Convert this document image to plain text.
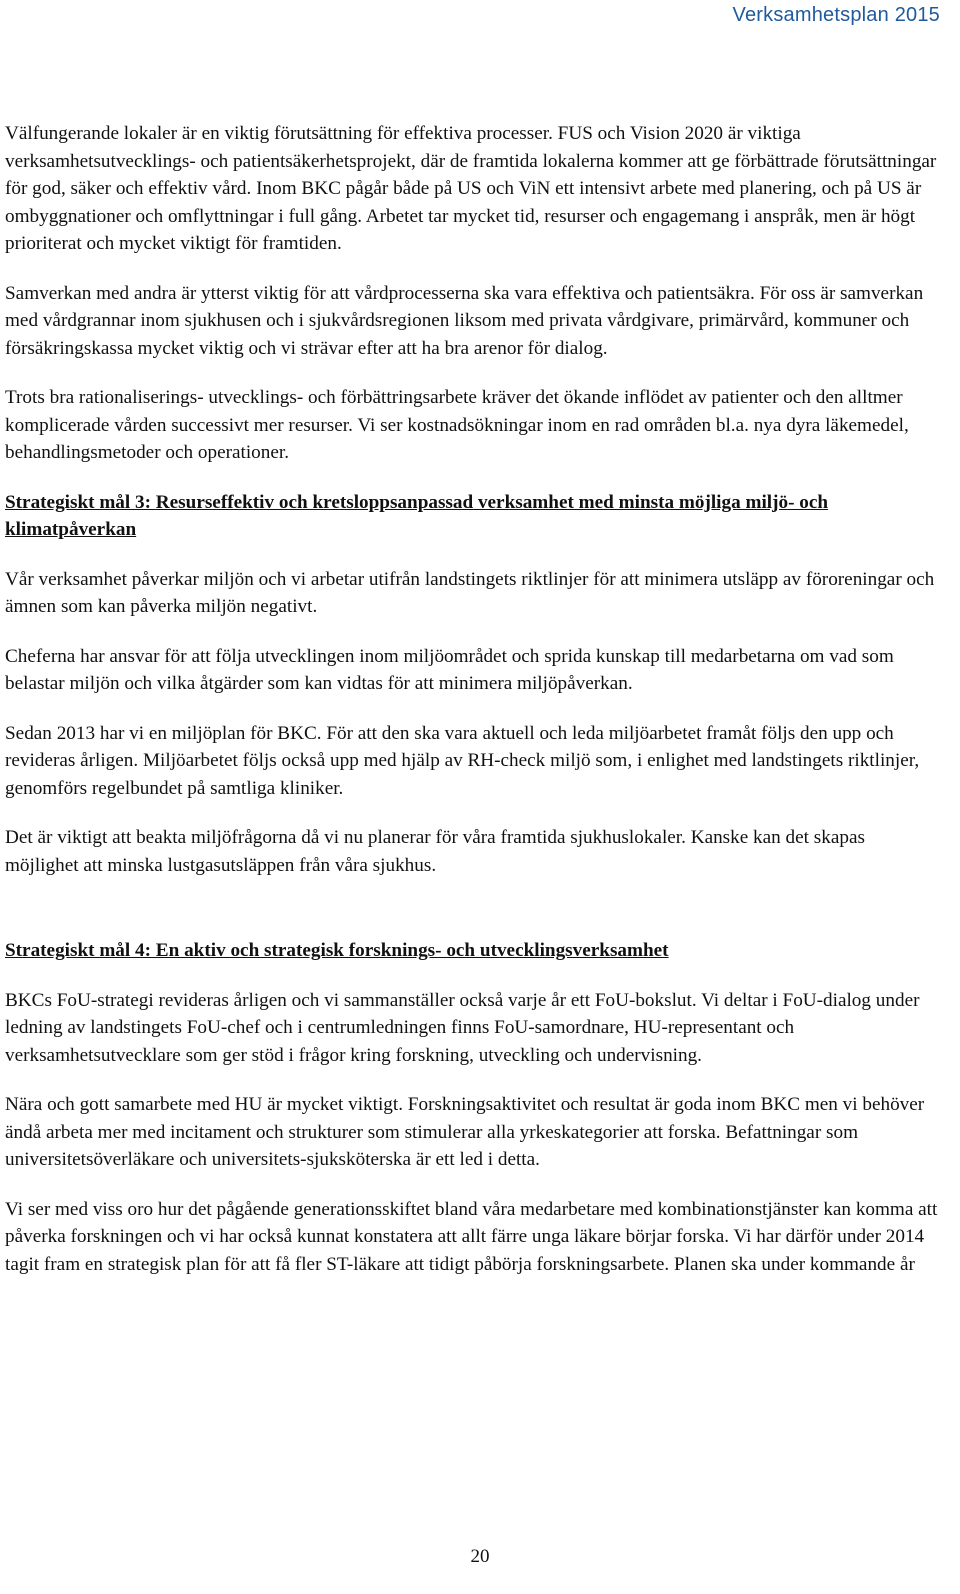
Verksamhetsplan 2015

Välfungerande lokaler är en viktig förutsättning för effektiva processer. FUS och Vision 2020 är viktiga verksamhetsutvecklings- och patientsäkerhetsprojekt, där de framtida lokalerna kommer att ge förbättrade förutsättningar för god, säker och effektiv vård. Inom BKC pågår både på US och ViN ett intensivt arbete med planering, och på US är ombyggnationer och omflyttningar i full gång. Arbetet tar mycket tid, resurser och engagemang i anspråk, men är högt prioriterat och mycket viktigt för framtiden.

Samverkan med andra är ytterst viktig för att vårdprocesserna ska vara effektiva och patientsäkra. För oss är samverkan med vårdgrannar inom sjukhusen och i sjukvårdsregionen liksom med privata vårdgivare, primärvård, kommuner och försäkringskassa mycket viktig och vi strävar efter att ha bra arenor för dialog.

Trots bra rationaliserings- utvecklings- och förbättringsarbete kräver det ökande inflödet av patienter och den alltmer komplicerade vården successivt mer resurser. Vi ser kostnadsökningar inom en rad områden bl.a. nya dyra läkemedel, behandlingsmetoder och operationer.

Strategiskt mål 3: Resurseffektiv och kretsloppsanpassad verksamhet med minsta möjliga miljö- och klimatpåverkan

Vår verksamhet påverkar miljön och vi arbetar utifrån landstingets riktlinjer för att minimera utsläpp av föroreningar och ämnen som kan påverka miljön negativt.

Cheferna har ansvar för att följa utvecklingen inom miljöområdet och sprida kunskap till medarbetarna om vad som belastar miljön och vilka åtgärder som kan vidtas för att minimera miljöpåverkan.

Sedan 2013 har vi en miljöplan för BKC. För att den ska vara aktuell och leda miljöarbetet framåt följs den upp och revideras årligen. Miljöarbetet följs också upp med hjälp av RH-check miljö som, i enlighet med landstingets riktlinjer, genomförs regelbundet på samtliga kliniker.

Det är viktigt att beakta miljöfrågorna då vi nu planerar för våra framtida sjukhuslokaler. Kanske kan det skapas möjlighet att minska lustgasutsläppen från våra sjukhus.

Strategiskt mål 4: En aktiv och strategisk forsknings- och utvecklingsverksamhet

BKCs FoU-strategi revideras årligen och vi sammanställer också varje år ett FoU-bokslut. Vi deltar i FoU-dialog under ledning av landstingets FoU-chef och i centrumledningen finns FoU-samordnare, HU-representant och verksamhetsutvecklare som ger stöd i frågor kring forskning, utveckling och undervisning.

Nära och gott samarbete med HU är mycket viktigt. Forskningsaktivitet och resultat är goda inom BKC men vi behöver ändå arbeta mer med incitament och strukturer som stimulerar alla yrkeskategorier att forska. Befattningar som universitetsöverläkare och universitets-sjuksköterska är ett led i detta.

Vi ser med viss oro hur det pågående generationsskiftet bland våra medarbetare med kombinationstjänster kan komma att påverka forskningen och vi har också kunnat konstatera att allt färre unga läkare börjar forska. Vi har därför under 2014 tagit fram en strategisk plan för att få fler ST-läkare att tidigt påbörja forskningsarbete. Planen ska under kommande år

20
